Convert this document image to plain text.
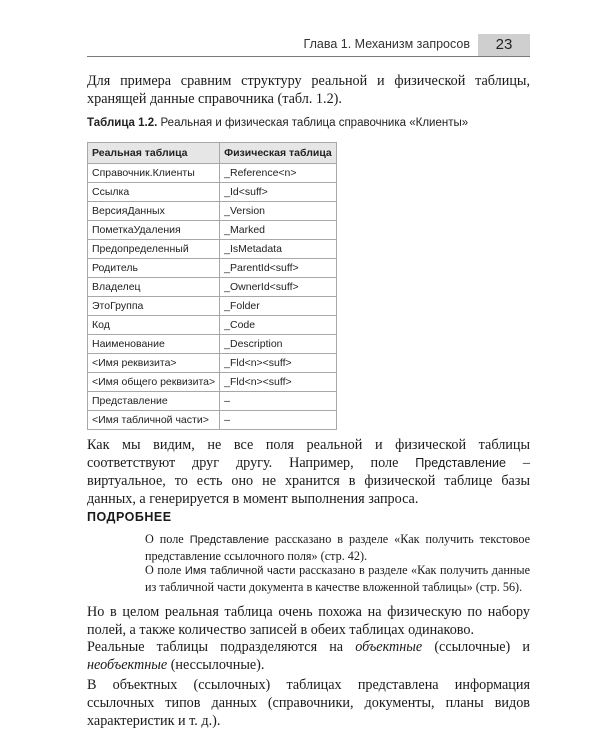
Глава 1. Механизм запросов	23

Для примера сравним структуру реальной и физической таблицы, хранящей данные справочника (табл. 1.2).

Таблица 1.2. Реальная и физическая таблица справочника «Клиенты»
Реальная таблица	Физическая таблица
Справочник.Клиенты	_Reference<n>
Ссылка	_Id<suff>
ВерсияДанных	_Version
ПометкаУдаления	_Marked
Предопределенный	_IsMetadata
Родитель	_ParentId<suff>
Владелец	_OwnerId<suff>
ЭтоГруппа	_Folder
Код	_Code
Наименование	_Description
<Имя реквизита>	_Fld<n><suff>
<Имя общего реквизита>	_Fld<n><suff>
Представление	–
<Имя табличной части>	–

Как мы видим, не все поля реальной и физической таблицы соответствуют друг другу. Например, поле Представление – виртуальное, то есть оно не хранится в физической таблице базы данных, а генерируется в момент выполнения запроса.

ПОДРОБНЕЕ

О поле Представление рассказано в разделе «Как получить текстовое представление ссылочного поля» (стр. 42).

О поле Имя табличной части рассказано в разделе «Как получить данные из табличной части документа в качестве вложенной таблицы» (стр. 56).

Но в целом реальная таблица очень похожа на физическую по набору полей, а также количество записей в обеих таблицах одинаково.

Реальные таблицы подразделяются на объектные (ссылочные) и необъектные (нессылочные).

В объектных (ссылочных) таблицах представлена информация ссылочных типов данных (справочники, документы, планы видов характеристик и т. д.).
